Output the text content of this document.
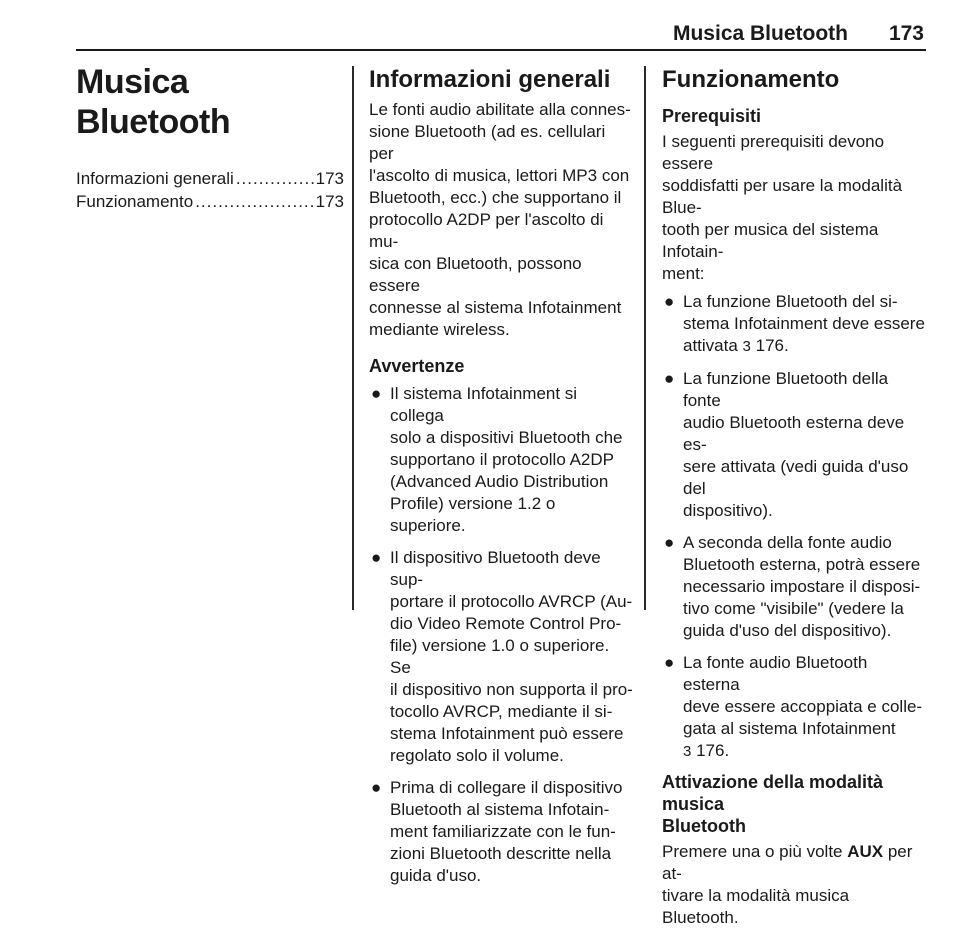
Musica Bluetooth 173
Musica Bluetooth
Informazioni generali .....	173
Funzionamento .....	173
Informazioni generali

Le fonti audio abilitate alla connes-
sione Bluetooth (ad es. cellulari per
l'ascolto di musica, lettori MP3 con
Bluetooth, ecc.) che supportano il
protocollo A2DP per l'ascolto di mu-
sica con Bluetooth, possono essere
connesse al sistema Infotainment
mediante wireless.

Avvertenze
● Il sistema Infotainment si collega
solo a dispositivi Bluetooth che
supportano il protocollo A2DP
(Advanced Audio Distribution
Profile) versione 1.2 o superiore.
● Il dispositivo Bluetooth deve sup-
portare il protocollo AVRCP (Au-
dio Video Remote Control Pro-
file) versione 1.0 o superiore. Se
il dispositivo non supporta il pro-
tocollo AVRCP, mediante il si-
stema Infotainment può essere
regolato solo il volume.
● Prima di collegare il dispositivo
Bluetooth al sistema Infotain-
ment familiarizzate con le fun-
zioni Bluetooth descritte nella
guida d'uso.
Funzionamento
Prerequisiti

I seguenti prerequisiti devono essere
soddisfatti per usare la modalità Blue-
tooth per musica del sistema Infotain-
ment:

● La funzione Bluetooth del si-
stema Infotainment deve essere
attivata 3 176.
● La funzione Bluetooth della fonte
audio Bluetooth esterna deve es-
sere attivata (vedi guida d'uso del
dispositivo).
● A seconda della fonte audio
Bluetooth esterna, potrà essere
necessario impostare il disposi-
tivo come "visibile" (vedere la
guida d'uso del dispositivo).
● La fonte audio Bluetooth esterna
deve essere accoppiata e colle-
gata al sistema Infotainment
3 176.
Attivazione della modalità musica
Bluetooth

Premere una o più volte AUX per at-
tivare la modalità musica Bluetooth.
